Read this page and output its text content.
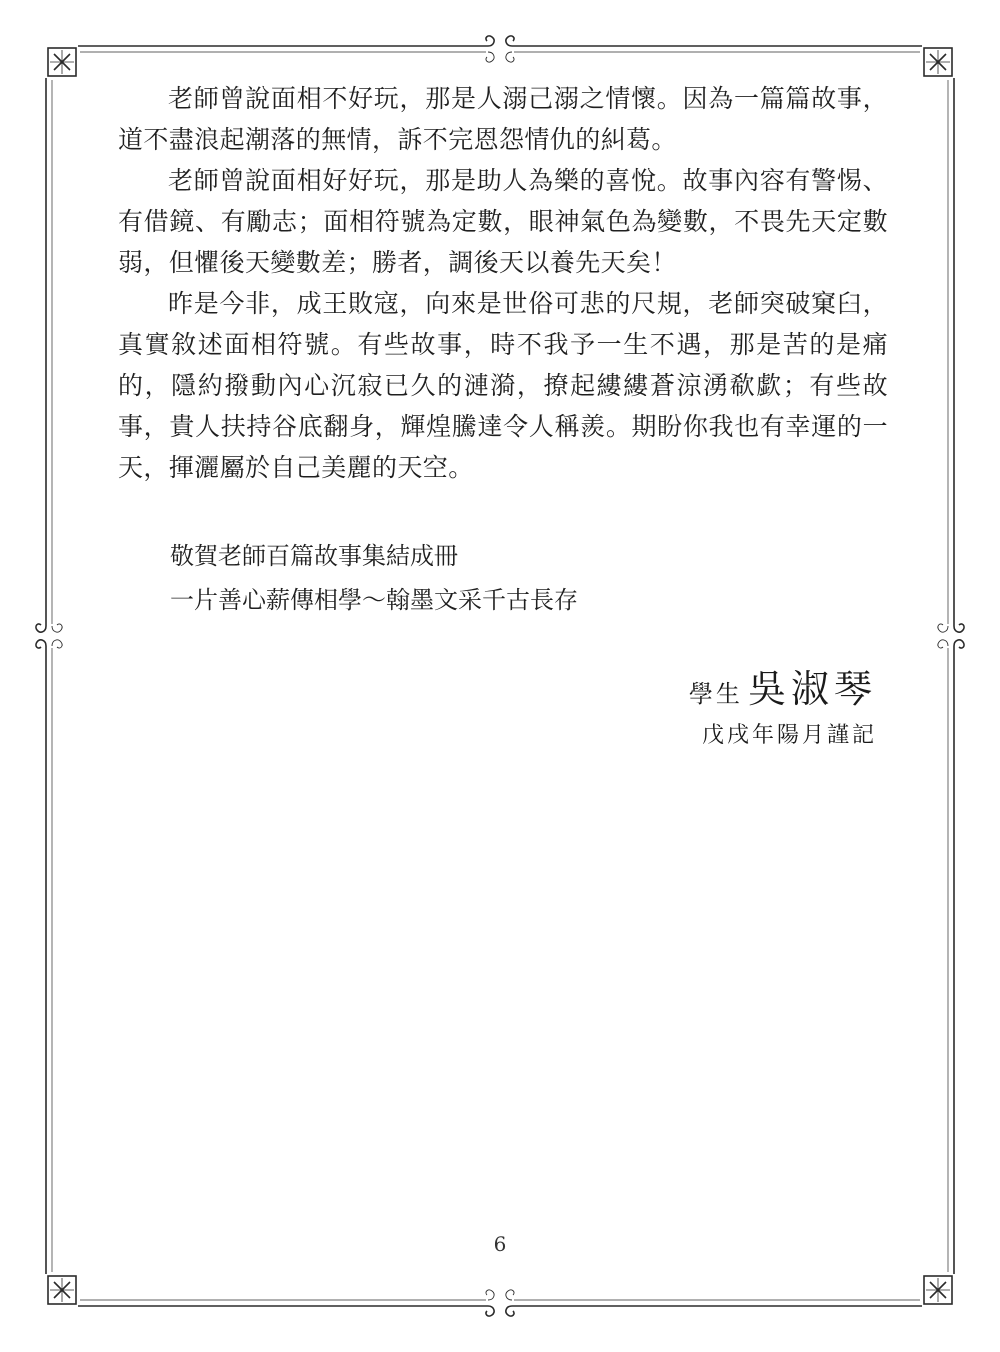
老師曾說面相不好玩，那是人溺己溺之情懷。因為一篇篇故事，道不盡浪起潮落的無情，訴不完恩怨情仇的糾葛。

老師曾說面相好好玩，那是助人為樂的喜悅。故事內容有警惕、有借鏡、有勵志；面相符號為定數，眼神氣色為變數，不畏先天定數弱，但懼後天變數差；勝者，調後天以養先天矣！

昨是今非，成王敗寇，向來是世俗可悲的尺規，老師突破窠臼，真實敘述面相符號。有些故事，時不我予一生不遇，那是苦的是痛的，隱約撥動內心沉寂已久的漣漪，撩起縷縷蒼涼湧欷歔；有些故事，貴人扶持谷底翻身，輝煌騰達令人稱羨。期盼你我也有幸運的一天，揮灑屬於自己美麗的天空。

敬賀老師百篇故事集結成冊
一片善心薪傳相學～翰墨文采千古長存
學生 吳淑琴
戊戌年陽月謹記
6
